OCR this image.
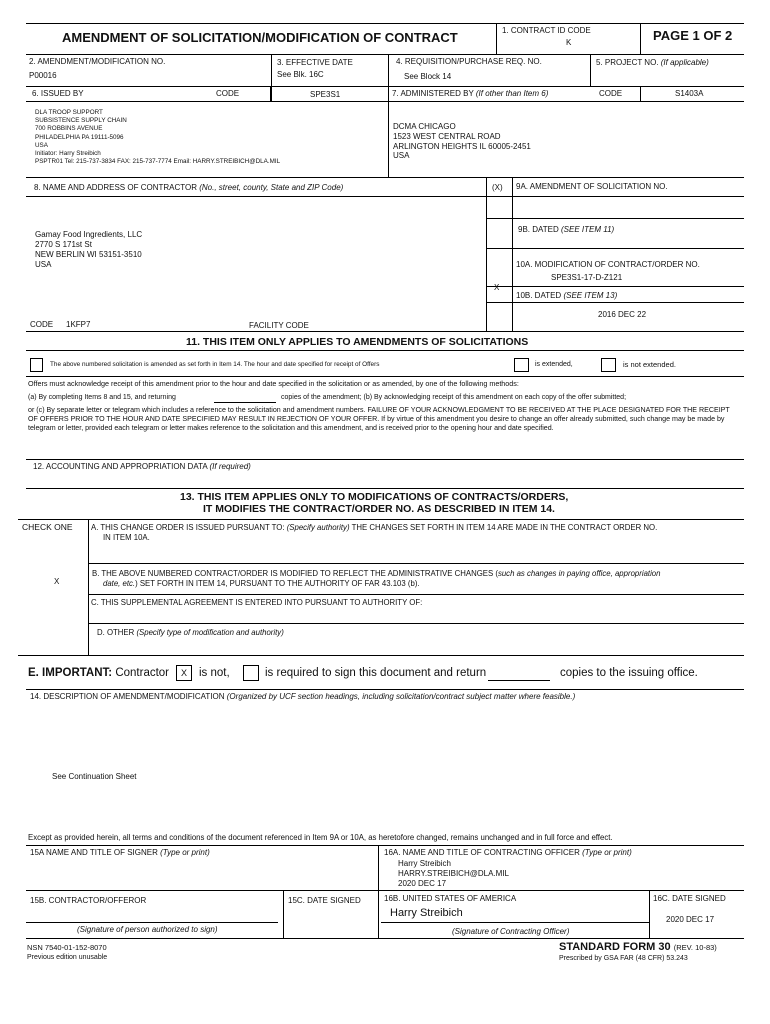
AMENDMENT OF SOLICITATION/MODIFICATION OF CONTRACT	1. CONTRACT ID CODE
K	PAGE 1 OF 2
2. AMENDMENT/MODIFICATION NO.
P00016
3. EFFECTIVE DATE
See Blk. 16C
4. REQUISITION/PURCHASE REQ. NO.
See Block 14
5. PROJECT NO. (If applicable)
6. ISSUED BY	CODE	SPE3S1	7. ADMINISTERED BY (If other than Item 6)	CODE	S1403A
DLA TROOP SUPPORT
SUBSISTENCE SUPPLY CHAIN
700 ROBBINS AVENUE
PHILADELPHIA PA 19111-5096
USA
Initiator: Harry Streibich
PSPTR01 Tel: 215-737-3834 FAX: 215-737-7774 Email: HARRY.STREIBICH@DLA.MIL
DCMA CHICAGO
1523 WEST CENTRAL ROAD
ARLINGTON HEIGHTS IL 60005-2451
USA
8. NAME AND ADDRESS OF CONTRACTOR (No., street, county, State and ZIP Code)	(X) 9A. AMENDMENT OF SOLICITATION NO.
9B. DATED (SEE ITEM 11)
Gamay Food Ingredients, LLC
2770 S 171st St
NEW BERLIN WI 53151-3510
USA	10A. MODIFICATION OF CONTRACT/ORDER NO.
SPE3S1-17-D-Z121
X
10B. DATED (SEE ITEM 13)
2016 DEC 22
CODE 1KFP7	FACILITY CODE
11. THIS ITEM ONLY APPLIES TO AMENDMENTS OF SOLICITATIONS
The above numbered solicitation is amended as set forth in Item 14. The hour and date specified for receipt of Offers	is extended,	is not extended.
Offers must acknowledge receipt of this amendment prior to the hour and date specified in the solicitation or as amended, by one of the following methods:
(a) By completing Items 8 and 15, and returning	copies of the amendment; (b) By acknowledging receipt of this amendment on each copy of the offer submitted;
or (c) By separate letter or telegram which includes a reference to the solicitation and amendment numbers. FAILURE OF YOUR ACKNOWLEDGMENT TO BE RECEIVED AT THE PLACE DESIGNATED FOR THE RECEIPT OF OFFERS PRIOR TO THE HOUR AND DATE SPECIFIED MAY RESULT IN REJECTION OF YOUR OFFER. If by virtue of this amendment you desire to change an offer already submitted, such change may be made by telegram or letter, provided each telegram or letter makes reference to the solicitation and this amendment, and is received prior to the opening hour and date specified.
12. ACCOUNTING AND APPROPRIATION DATA (If required)
13. THIS ITEM APPLIES ONLY TO MODIFICATIONS OF CONTRACTS/ORDERS,
IT MODIFIES THE CONTRACT/ORDER NO. AS DESCRIBED IN ITEM 14.
CHECK ONE A. THIS CHANGE ORDER IS ISSUED PURSUANT TO: (Specify authority) THE CHANGES SET FORTH IN ITEM 14 ARE MADE IN THE CONTRACT ORDER NO.
IN ITEM 10A.
X
B. THE ABOVE NUMBERED CONTRACT/ORDER IS MODIFIED TO REFLECT THE ADMINISTRATIVE CHANGES (such as changes in paying office, appropriation
date, etc.) SET FORTH IN ITEM 14, PURSUANT TO THE AUTHORITY OF FAR 43.103 (b).
C. THIS SUPPLEMENTAL AGREEMENT IS ENTERED INTO PURSUANT TO AUTHORITY OF:
D. OTHER (Specify type of modification and authority)
E. IMPORTANT: Contractor	X	is not,	is required to sign this document and return	copies to the issuing office.
14. DESCRIPTION OF AMENDMENT/MODIFICATION (Organized by UCF section headings, including solicitation/contract subject matter where feasible.)
See Continuation Sheet
Except as provided herein, all terms and conditions of the document referenced in Item 9A or 10A, as heretofore changed, remains unchanged and in full force and effect.
15A NAME AND TITLE OF SIGNER (Type or print)	16A. NAME AND TITLE OF CONTRACTING OFFICER (Type or print)
Harry Streibich
HARRY.STREIBICH@DLA.MIL
2020 DEC 17
15B. CONTRACTOR/OFFEROR	15C. DATE SIGNED	16B. UNITED STATES OF AMERICA
Harry Streibich
16C. DATE SIGNED
2020 DEC 17
(Signature of person authorized to sign)	(Signature of Contracting Officer)
NSN 7540-01-152-8070
Previous edition unusable
STANDARD FORM 30 (REV. 10-83)
Prescribed by GSA FAR (48 CFR) 53.243
